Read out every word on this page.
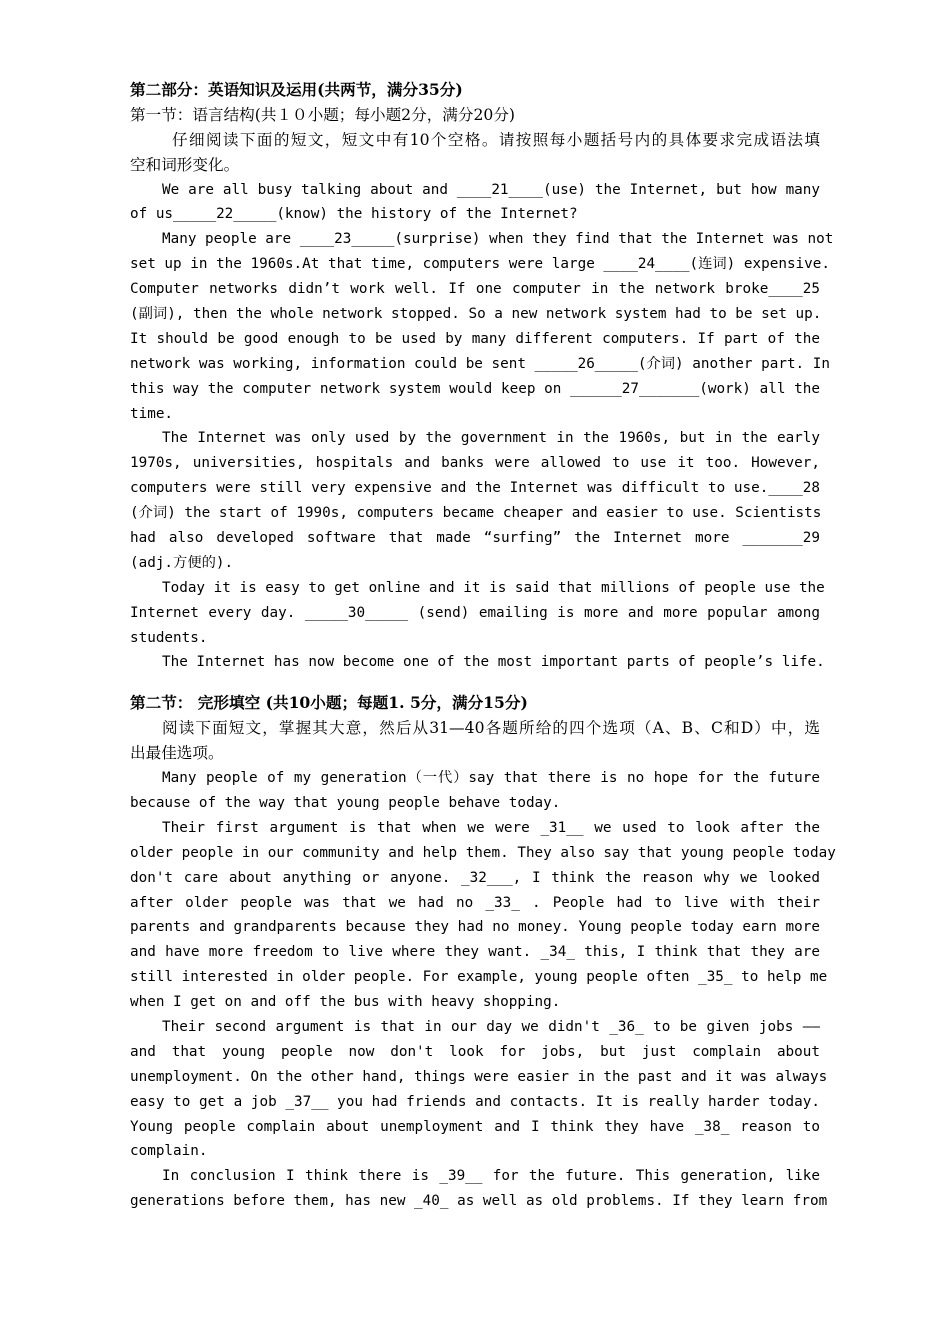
第二部分：英语知识及运用(共两节，满分35分)
第一节：语言结构(共１０小题；每小题2分，满分20分)
仔细阅读下面的短文，短文中有10个空格。请按照每小题括号内的具体要求完成语法填
空和词形变化。
We are all busy talking about and ____21____(use) the Internet, but how many
of us_____22_____(know) the history of the Internet?
Many people are ____23_____(surprise) when they find that the Internet was not
set up in the 1960s.At that time, computers were large ____24____(连词) expensive.
Computer networks didn’t work well. If one computer in the network broke____25
(副词), then the whole network stopped. So a new network system had to be set up.
It should be good enough to be used by many different computers. If part of the
network was working, information could be sent _____26_____(介词) another part. In
this way the computer network system would keep on ______27_______(work) all the
time.
The Internet was only used by the government in the 1960s, but in the early
1970s, universities, hospitals and banks were allowed to use it too. However,
computers were still very expensive and the Internet was difficult to use.____28
(介词) the start of 1990s, computers became cheaper and easier to use. Scientists
had also developed software that made “surfing” the Internet more _______29
(adj.方便的).
Today it is easy to get online and it is said that millions of people use the
Internet every day. _____30_____ (send) emailing is more and more popular among
students.
The Internet has now become one of the most important parts of people’s life.
第二节： 完形填空 (共10小题；每题1. 5分，满分15分)
阅读下面短文，掌握其大意，然后从31—40各题所给的四个选项（A、B、C和D）中，选
出最佳选项。
Many people of my generation（一代）say that there is no hope for the future
because of the way that young people behave today.
Their first argument is that when we were _31__ we used to look after the
older people in our community and help them. They also say that young people today
don't care about anything or anyone. _32___, I think the reason why we looked
after older people was that we had no _33_ . People had to live with their
parents and grandparents because they had no money. Young people today earn more
and have more freedom to live where they want. _34_ this, I think that they are
still interested in older people. For example, young people often _35_ to help me
when I get on and off the bus with heavy shopping.
Their second argument is that in our day we didn't _36_ to be given jobs ——
and that young people now don't look for jobs, but just complain about
unemployment. On the other hand, things were easier in the past and it was always
easy to get a job _37__ you had friends and contacts. It is really harder today.
Young people complain about unemployment and I think they have _38_ reason to
complain.
In conclusion I think there is _39__ for the future. This generation, like
generations before them, has new _40_ as well as old problems. If they learn from
